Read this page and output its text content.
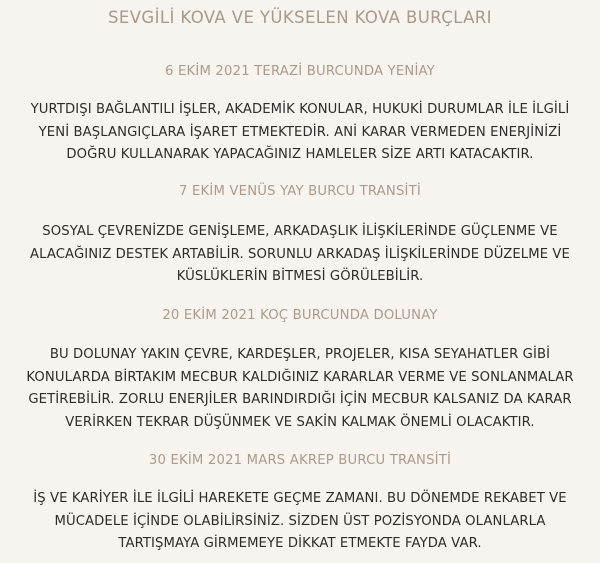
SEVGİLİ KOVA VE YÜKSELEN KOVA BURÇLARI
6 EKİM 2021 TERAZİ BURCUNDA YENİAY
YURTDIŞI BAĞLANTILI İŞLER, AKADEMİK KONULAR, HUKUKİ DURUMLAR İLE İLGİLİ
YENİ BAŞLANGIÇLARA İŞARET ETMEKTEDİR. ANİ KARAR VERMEDEN ENERJİNİZİ
DOĞRU KULLANARAK YAPACAĞINIZ HAMLELER SİZE ARTI KATACAKTIR.
7 EKİM VENÜS YAY BURCU TRANSİTİ
SOSYAL ÇEVRENİZDE GENİŞLEME, ARKADAŞLIK İLİŞKİLERİNDE GÜÇLENME VE
ALACAĞINIZ DESTEK ARTABİLİR. SORUNLU ARKADAŞ İLİŞKİLERİNDE DÜZELME VE
KÜSLÜKLERİN BİTMESİ GÖRÜLEBİLİR.
20 EKİM 2021 KOÇ BURCUNDA DOLUNAY
BU DOLUNAY YAKIN ÇEVRE, KARDEŞLER, PROJELER, KISA SEYAHATLER GİBİ
KONULARDA BİRTAKIM MECBUR KALDIĞINIZ KARARLAR VERME VE SONLANMALAR
GETİREBİLİR. ZORLU ENERJİLER BARINDIRDIĞI İÇİN MECBUR KALSANIZ DA KARAR
VERİRKEN TEKRAR DÜŞÜNMEK VE SAKİN KALMAK ÖNEMLİ OLACAKTIR.
30 EKİM 2021 MARS AKREP BURCU TRANSİTİ
İŞ VE KARİYER İLE İLGİLİ HAREKETE GEÇME ZAMANI. BU DÖNEMDE REKABET VE
MÜCADELE İÇİNDE OLABİLİRSİNİZ. SİZDEN ÜST POZİSYONDA OLANLARLA
TARTIŞMAYA GİRMEMEYE DİKKAT ETMEKTE FAYDA VAR.
